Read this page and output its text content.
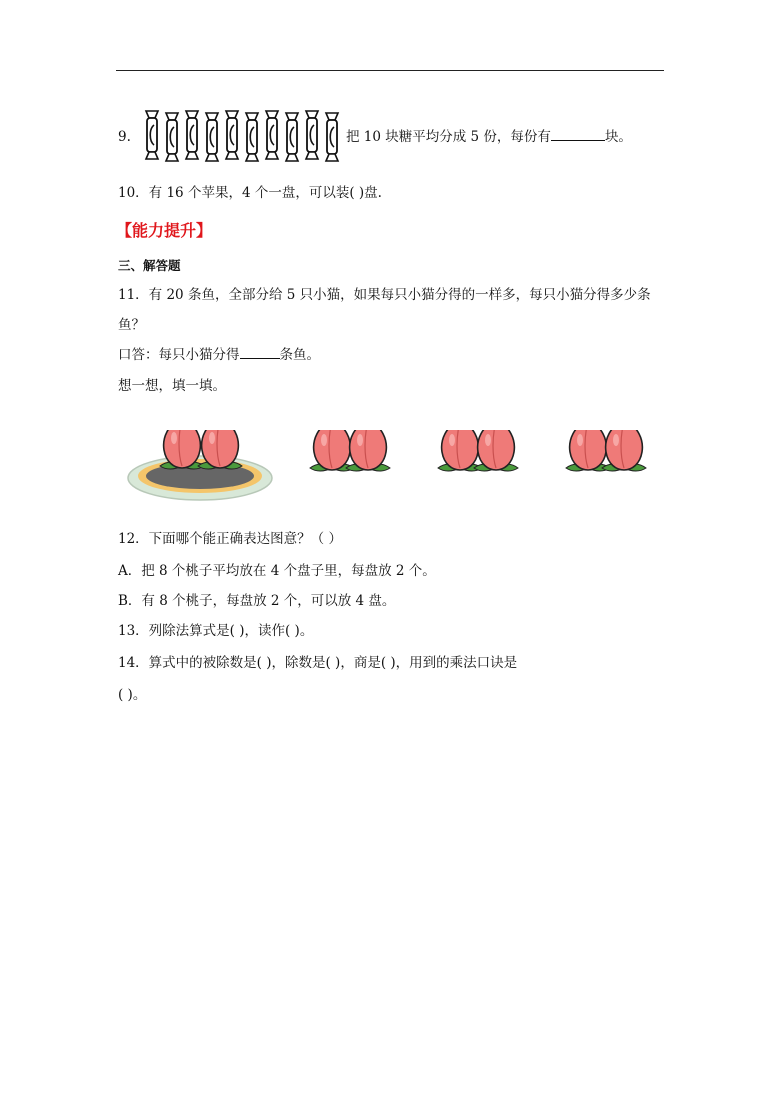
9.	把 10 块糖平均分成 5 份，每份有	块。
10．有 16 个苹果，4 个一盘，可以装( )盘.
【能力提升】
三、解答题
11．有 20 条鱼，全部分给 5 只小猫，如果每只小猫分得的一样多，每只小猫分得多少条
鱼？
口答：每只小猫分得	条鱼。
想一想，填一填。
12．下面哪个能正确表达图意？（ ）
A．把 8 个桃子平均放在 4 个盘子里，每盘放 2 个。
B．有 8 个桃子，每盘放 2 个，可以放 4 盘。
13．列除法算式是( )，读作( )。
14．算式中的被除数是( )，除数是( )，商是( )，用到的乘法口诀是
( )。
